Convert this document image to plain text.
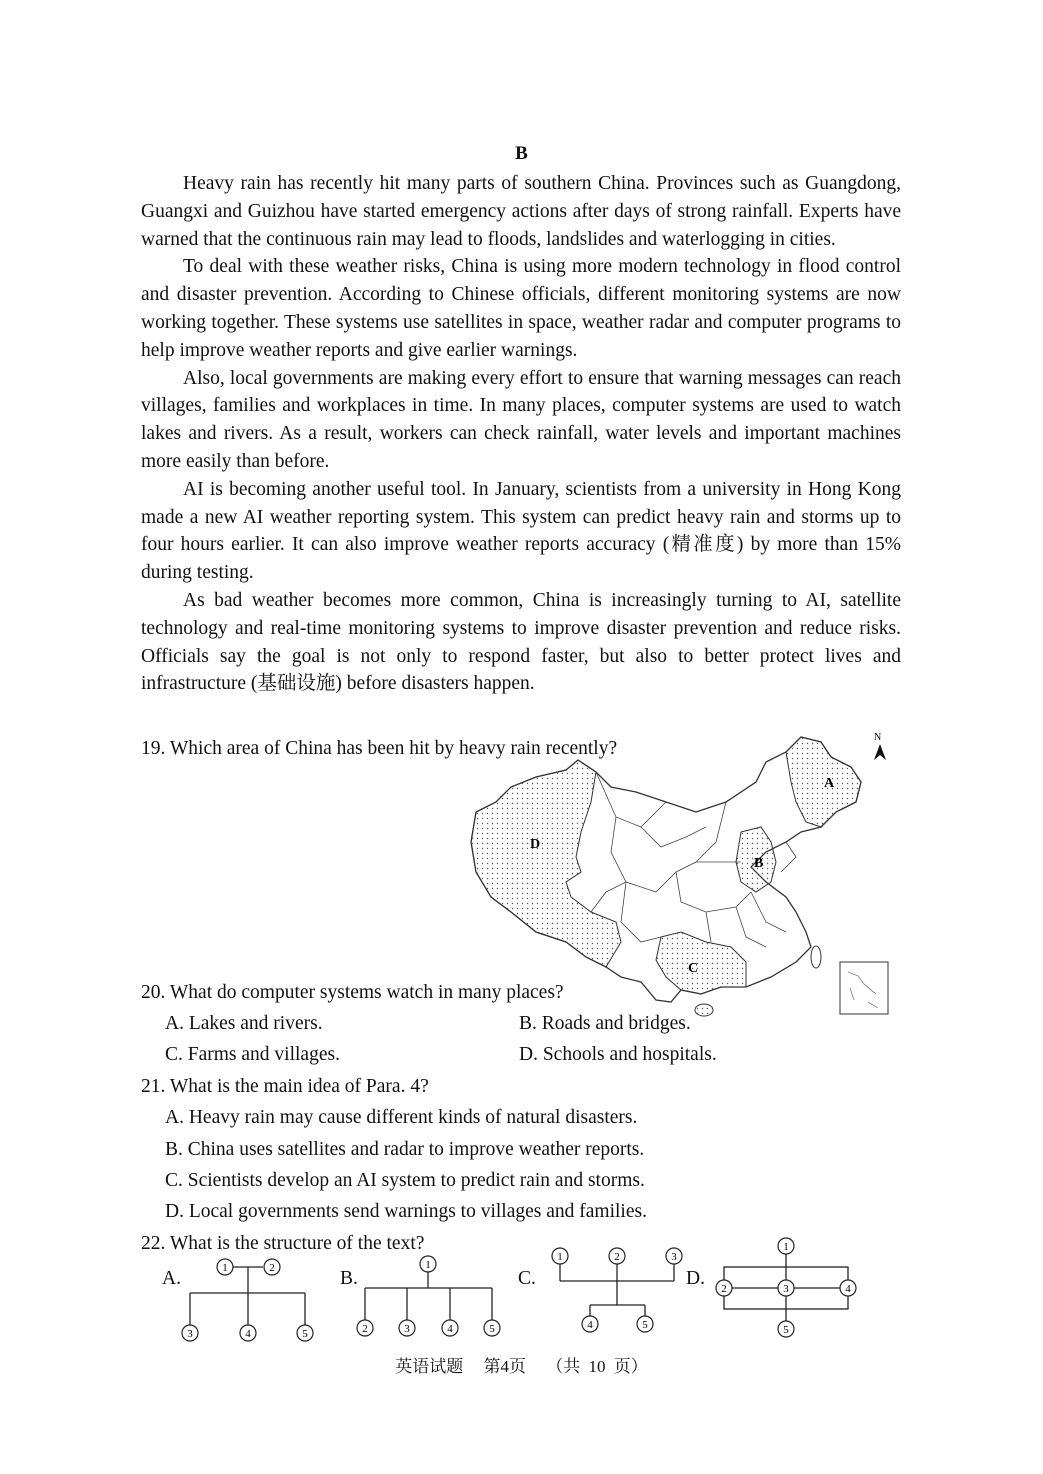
B

Heavy rain has recently hit many parts of southern China. Provinces such as Guangdong, Guangxi and Guizhou have started emergency actions after days of strong rainfall. Experts have warned that the continuous rain may lead to floods, landslides and waterlogging in cities.

To deal with these weather risks, China is using more modern technology in flood control and disaster prevention. According to Chinese officials, different monitoring systems are now working together. These systems use satellites in space, weather radar and computer programs to help improve weather reports and give earlier warnings.

Also, local governments are making every effort to ensure that warning messages can reach villages, families and workplaces in time. In many places, computer systems are used to watch lakes and rivers. As a result, workers can check rainfall, water levels and important machines more easily than before.

AI is becoming another useful tool. In January, scientists from a university in Hong Kong made a new AI weather reporting system. This system can predict heavy rain and storms up to four hours earlier. It can also improve weather reports accuracy (精准度) by more than 15% during testing.

As bad weather becomes more common, China is increasingly turning to AI, satellite technology and real-time monitoring systems to improve disaster prevention and reduce risks. Officials say the goal is not only to respond faster, but also to better protect lives and infrastructure (基础设施) before disasters happen.

19. Which area of China has been hit by heavy rain recently?
A
B
C
D
N
20. What do computer systems watch in many places?
A. Lakes and rivers.	B. Roads and bridges.
C. Farms and villages.	D. Schools and hospitals.
21. What is the main idea of Para. 4?
A. Heavy rain may cause different kinds of natural disasters.
B. China uses satellites and radar to improve weather reports.
C. Scientists develop an AI system to predict rain and storms.
D. Local governments send warnings to villages and families.
22. What is the structure of the text?
A.	B.	C.	D.
1	2
3	4	5
1
2	3	4	5
1	2	3
4	5
1
2	3	4
5
英语试题 第4页 （共 10 页）
